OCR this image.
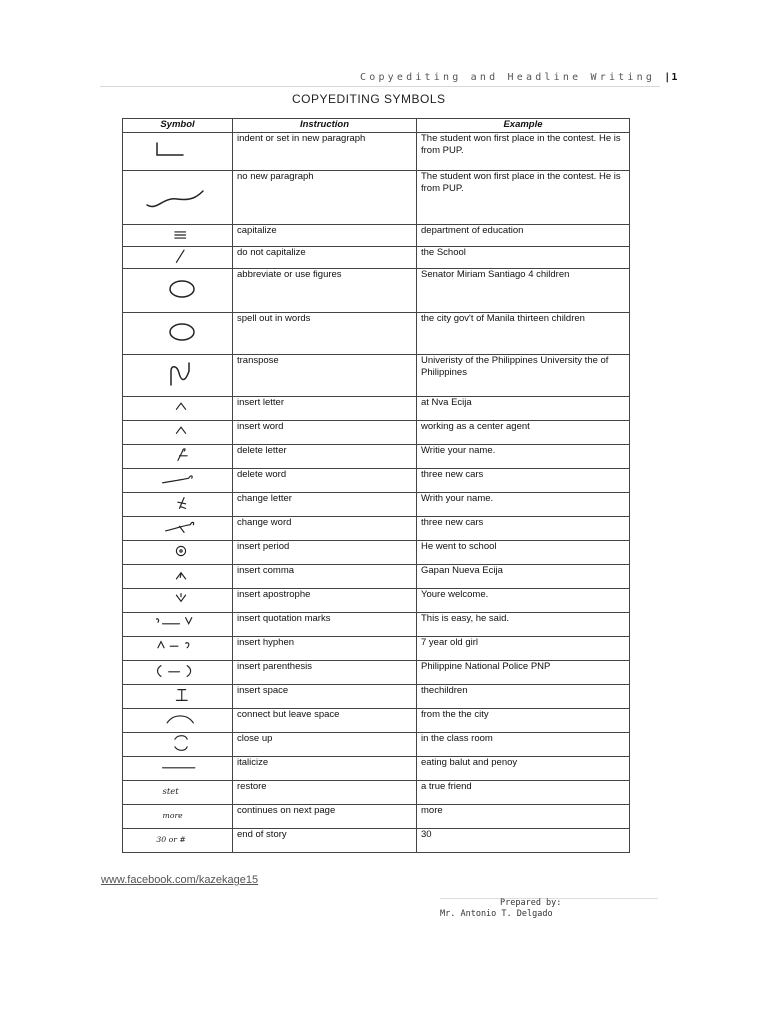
Copyediting and Headline Writing |1
COPYEDITING SYMBOLS
Symbol	Instruction	Example

	indent or set in new paragraph	The student won first place in the contest. He is from PUP.

	no new paragraph	The student won first place in the contest. He is from PUP.

	capitalize	department of education

	do not capitalize	the School

	abbreviate or use figures	Senator Miriam Santiago 4 children

	spell out in words	the city gov't of Manila thirteen children

	transpose	Univeristy of the Philippines University the of Philippines

	insert letter	at Nva Ecija

	insert word	working as a center agent

	delete letter	Writie your name.

	delete word	three new cars

	change letter	Writh your name.

	change word	three new cars

	insert period	He went to school

	insert comma	Gapan Nueva Ecija

	insert apostrophe	Youre welcome.

	insert quotation marks	This is easy, he said.

	insert hyphen	7 year old girl

	insert parenthesis	Philippine National Police PNP

	insert space	thechildren

	connect but leave space	from the the city

	close up	in the class room

	italicize	eating balut and penoy

stet	restore	a true friend

more	continues on next page	more

30 or #	end of story	30
www.facebook.com/kazekage15
Prepared by:
Mr. Antonio T. Delgado
